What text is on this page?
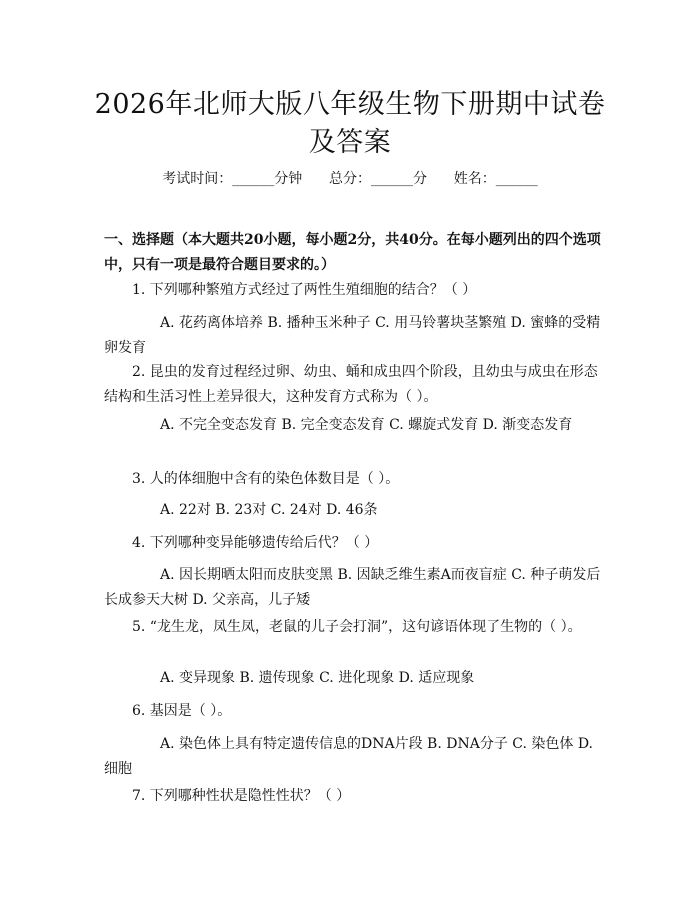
2026年北师大版八年级生物下册期中试卷及答案
考试时间：______分钟      总分：______分      姓名：______

一、选择题（本大题共20小题，每小题2分，共40分。在每小题列出的四个选项中，只有一项是最符合题目要求的。）

1. 下列哪种繁殖方式经过了两性生殖细胞的结合？（ ）
A. 花药离体培养 B. 播种玉米种子 C. 用马铃薯块茎繁殖 D. 蜜蜂的受精卵发育
2. 昆虫的发育过程经过卵、幼虫、蛹和成虫四个阶段，且幼虫与成虫在形态结构和生活习性上差异很大，这种发育方式称为（ ）。
A. 不完全变态发育 B. 完全变态发育 C. 螺旋式发育 D. 渐变态发育
3. 人的体细胞中含有的染色体数目是（ ）。
A. 22对 B. 23对 C. 24对 D. 46条
4. 下列哪种变异能够遗传给后代？（ ）
A. 因长期晒太阳而皮肤变黑 B. 因缺乏维生素A而夜盲症 C. 种子萌发后长成参天大树 D. 父亲高，儿子矮
5. “龙生龙，凤生凤，老鼠的儿子会打洞”，这句谚语体现了生物的（ ）。
A. 变异现象 B. 遗传现象 C. 进化现象 D. 适应现象
6. 基因是（ ）。
A. 染色体上具有特定遗传信息的DNA片段 B. DNA分子 C. 染色体 D. 细胞
7. 下列哪种性状是隐性性状？（ ）
